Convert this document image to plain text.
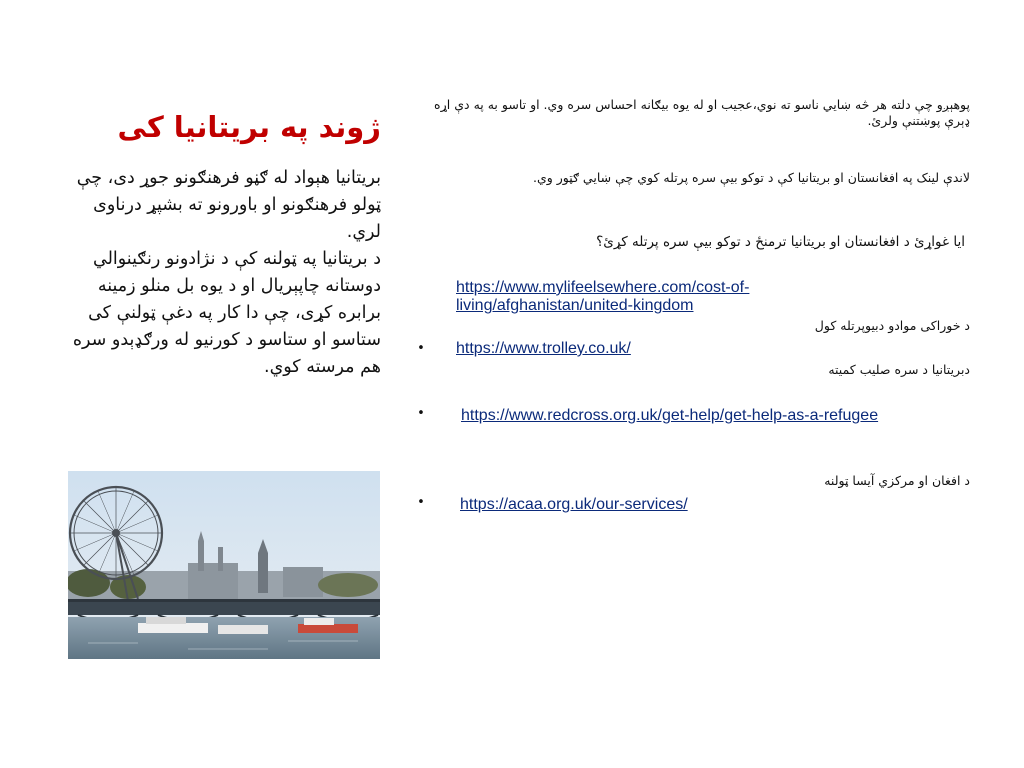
ژوند په بریتانیا کی

بريتانيا هېواد له ګڼو فرهنګونو جوړ دی، چې ټولو فرهنګونو او باورونو ته بشپړ درناوی لري.

د بریتانیا په ټولنه کې د نژادونو رنګینوالي دوستانه چاپېریال او د یوه بل منلو زمینه برابره کړی، چې دا کار په دغې ټولنې کی ستاسو او ستاسو د کورنیو له ورګډېدو سره هم مرسته کوي.

پوهېږو چې دلته هر څه ښايي ناسو ته نوي،عجيب او له يوه بيګانه احساس سره وي. او تاسو به په دې اړه ډېرې پوښتنې ولرئ.
لاندې لینک په افغانستان او بریتانیا کې د توکو بیې سره پرتله کوي چې ښايي ګټور وي.
ایا غواړئ د افغانستان او بریتانیا ترمنځ د توکو بیې سره پرتله کړئ؟
https://www.mylifeelsewhere.com/cost-of-
living/afghanistan/united-kingdom
د خوراکی موادو دبیوپرتله کول
• https://www.trolley.co.uk/
دبریتانیا د سره صلیب کمیته
• https://www.redcross.org.uk/get-help/get-help-as-a-refugee
د افغان او مرکزي آیسا ټولنه
• https://acaa.org.uk/our-services/
